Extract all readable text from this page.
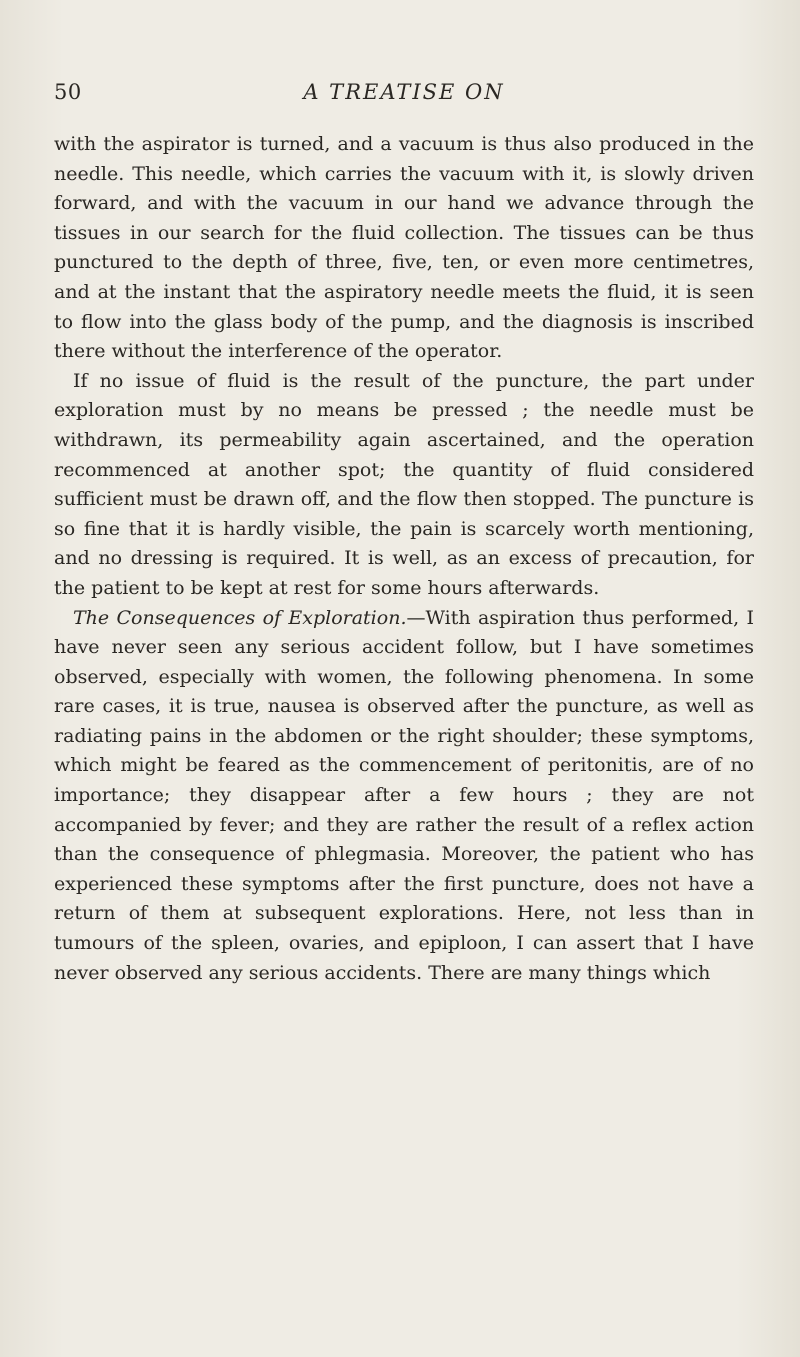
50	A TREATISE ON

with the aspirator is turned, and a vacuum is thus also produced in the needle. This needle, which carries the vacuum with it, is slowly driven forward, and with the vacuum in our hand we advance through the tissues in our search for the fluid collection. The tissues can be thus punctured to the depth of three, five, ten, or even more centimetres, and at the instant that the aspiratory needle meets the fluid, it is seen to flow into the glass body of the pump, and the diagnosis is inscribed there without the interference of the operator.

If no issue of fluid is the result of the puncture, the part under exploration must by no means be pressed ; the needle must be withdrawn, its permeability again ascertained, and the operation recommenced at another spot; the quantity of fluid considered sufficient must be drawn off, and the flow then stopped. The puncture is so fine that it is hardly visible, the pain is scarcely worth mentioning, and no dressing is required. It is well, as an excess of precaution, for the patient to be kept at rest for some hours afterwards.

The Consequences of Exploration.—With aspiration thus performed, I have never seen any serious accident follow, but I have sometimes observed, especially with women, the following phenomena. In some rare cases, it is true, nausea is observed after the puncture, as well as radiating pains in the abdomen or the right shoulder; these symptoms, which might be feared as the commencement of peritonitis, are of no importance; they disappear after a few hours ; they are not accompanied by fever; and they are rather the result of a reflex action than the consequence of phlegmasia. Moreover, the patient who has experienced these symptoms after the first puncture, does not have a return of them at subsequent explorations. Here, not less than in tumours of the spleen, ovaries, and epiploon, I can assert that I have never observed any serious accidents. There are many things which
